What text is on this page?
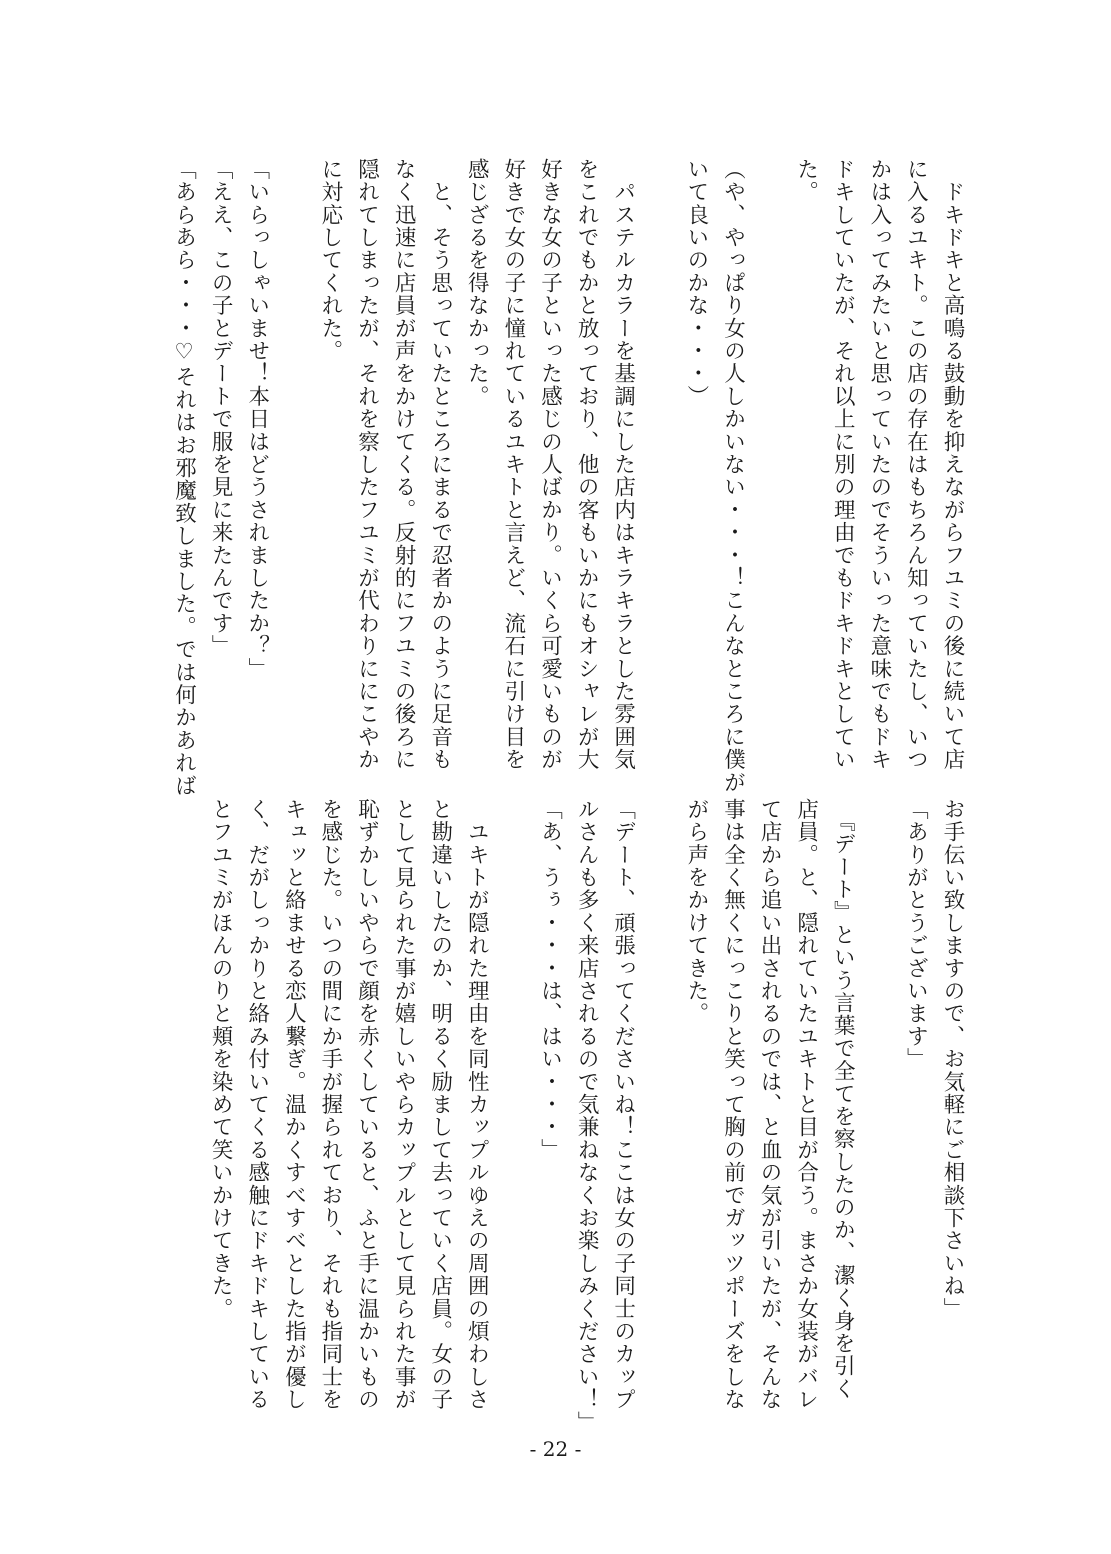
　ドキドキと高鳴る鼓動を抑えながらフユミの後に続いて店
に入るユキト。この店の存在はもちろん知っていたし、いつ
かは入ってみたいと思っていたのでそういった意味でもドキ
ドキしていたが、それ以上に別の理由でもドキドキとしてい
た。
（や、やっぱり女の人しかいない・・・！こんなところに僕が
いて良いのかな・・・）
　パステルカラーを基調にした店内はキラキラとした雰囲気
をこれでもかと放っており、他の客もいかにもオシャレが大
好きな女の子といった感じの人ばかり。いくら可愛いものが
好きで女の子に憧れているユキトと言えど、流石に引け目を
感じざるを得なかった。
　と、そう思っていたところにまるで忍者かのように足音も
なく迅速に店員が声をかけてくる。反射的にフユミの後ろに
隠れてしまったが、それを察したフユミが代わりににこやか
に対応してくれた。
「いらっしゃいませ！本日はどうされましたか？」
「ええ、この子とデートで服を見に来たんです」
「あらあら・・・♡それはお邪魔致しました。では何かあれば
お手伝い致しますので、お気軽にご相談下さいね」
「ありがとうございます」
　『デート』という言葉で全てを察したのか、潔く身を引く
店員。と、隠れていたユキトと目が合う。まさか女装がバレ
て店から追い出されるのでは、と血の気が引いたが、そんな
事は全く無くにっこりと笑って胸の前でガッツポーズをしな
がら声をかけてきた。
「デート、頑張ってくださいね！ここは女の子同士のカップ
ルさんも多く来店されるので気兼ねなくお楽しみください！」
「あ、うぅ・・・は、はい・・・」
　ユキトが隠れた理由を同性カップルゆえの周囲の煩わしさ
と勘違いしたのか、明るく励まして去っていく店員。女の子
として見られた事が嬉しいやらカップルとして見られた事が
恥ずかしいやらで顔を赤くしていると、ふと手に温かいもの
を感じた。いつの間にか手が握られており、それも指同士を
キュッと絡ませる恋人繋ぎ。温かくすべすべとした指が優し
く、だがしっかりと絡み付いてくる感触にドキドキしている
とフユミがほんのりと頬を染めて笑いかけてきた。
- 22 -
